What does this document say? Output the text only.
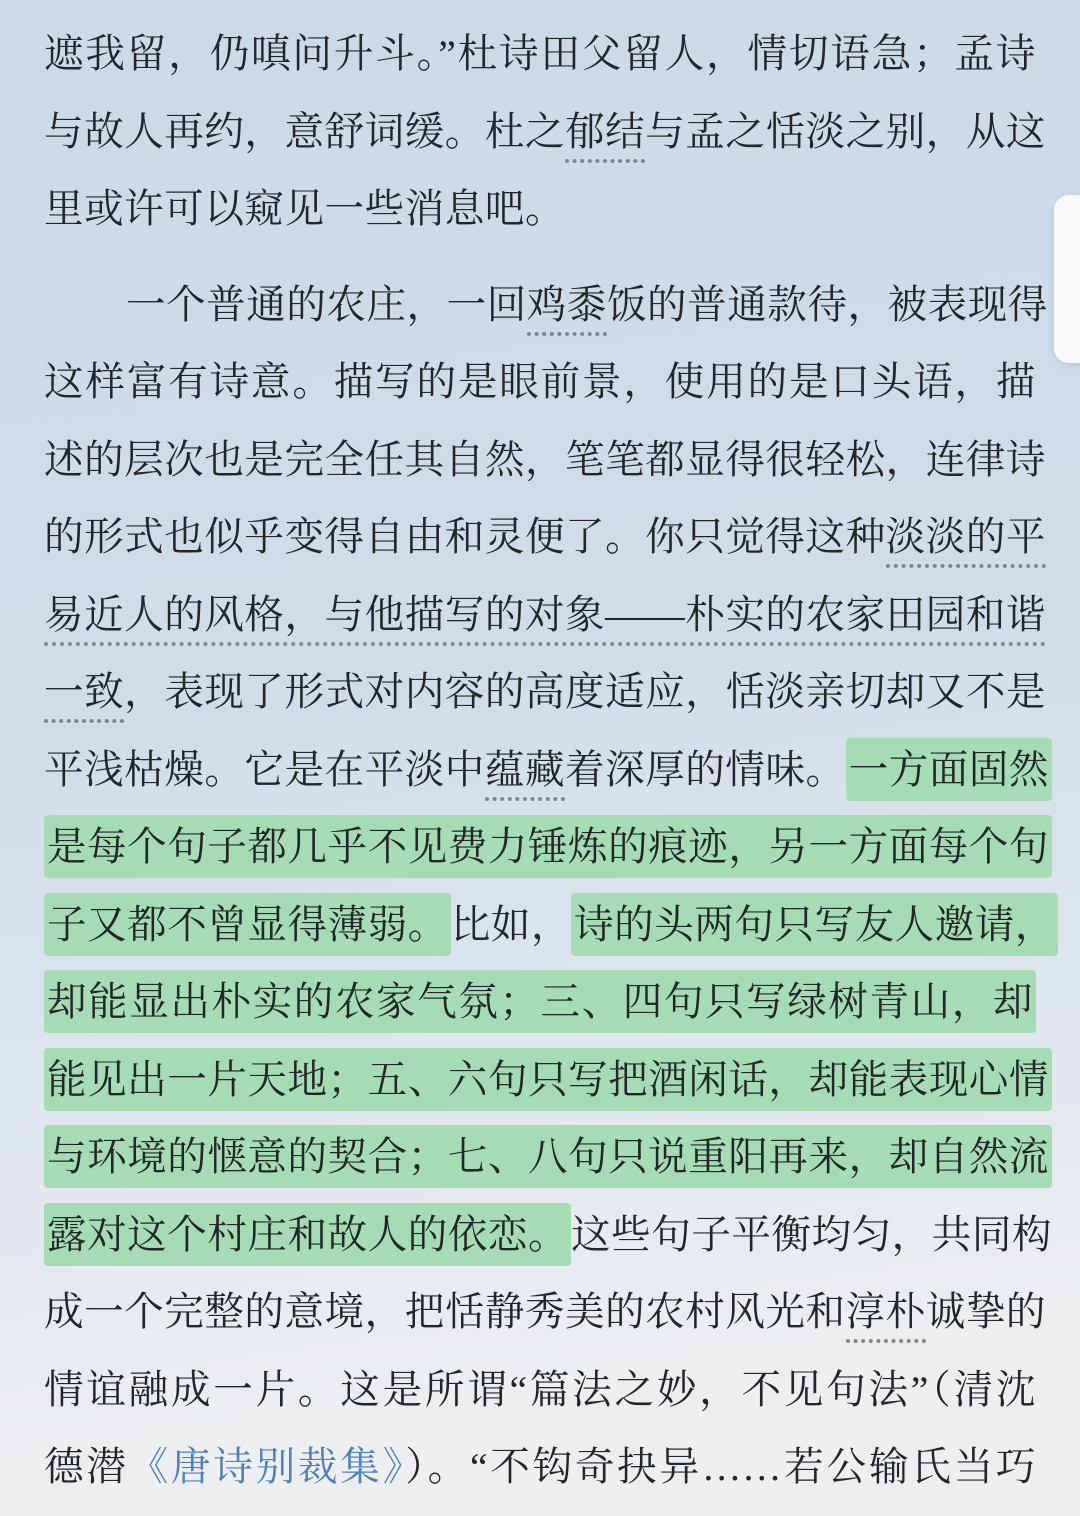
遮我留，仍嗔问升斗。”杜诗田父留人，情切语急；孟诗
与故人再约，意舒词缓。杜之郁结与孟之恬淡之别，从这
里或许可以窥见一些消息吧。
一个普通的农庄，一回鸡黍饭的普通款待，被表现得
这样富有诗意。描写的是眼前景，使用的是口头语，描
述的层次也是完全任其自然，笔笔都显得很轻松，连律诗
的形式也似乎变得自由和灵便了。你只觉得这种淡淡的平
易近人的风格，与他描写的对象——朴实的农家田园和谐
一致，表现了形式对内容的高度适应，恬淡亲切却又不是
平浅枯燥。它是在平淡中蕴藏着深厚的情味。一方面固然
是每个句子都几乎不见费力锤炼的痕迹，另一方面每个句
子又都不曾显得薄弱。比如，诗的头两句只写友人邀请，
却能显出朴实的农家气氛；三、四句只写绿树青山，却
能见出一片天地；五、六句只写把酒闲话，却能表现心情
与环境的惬意的契合；七、八句只说重阳再来，却自然流
露对这个村庄和故人的依恋。这些句子平衡均匀，共同构
成一个完整的意境，把恬静秀美的农村风光和淳朴诚挚的
情谊融成一片。这是所谓“篇法之妙，不见句法”（清沈
德潜《唐诗别裁集》）。“不钩奇抉异……若公输氏当巧
